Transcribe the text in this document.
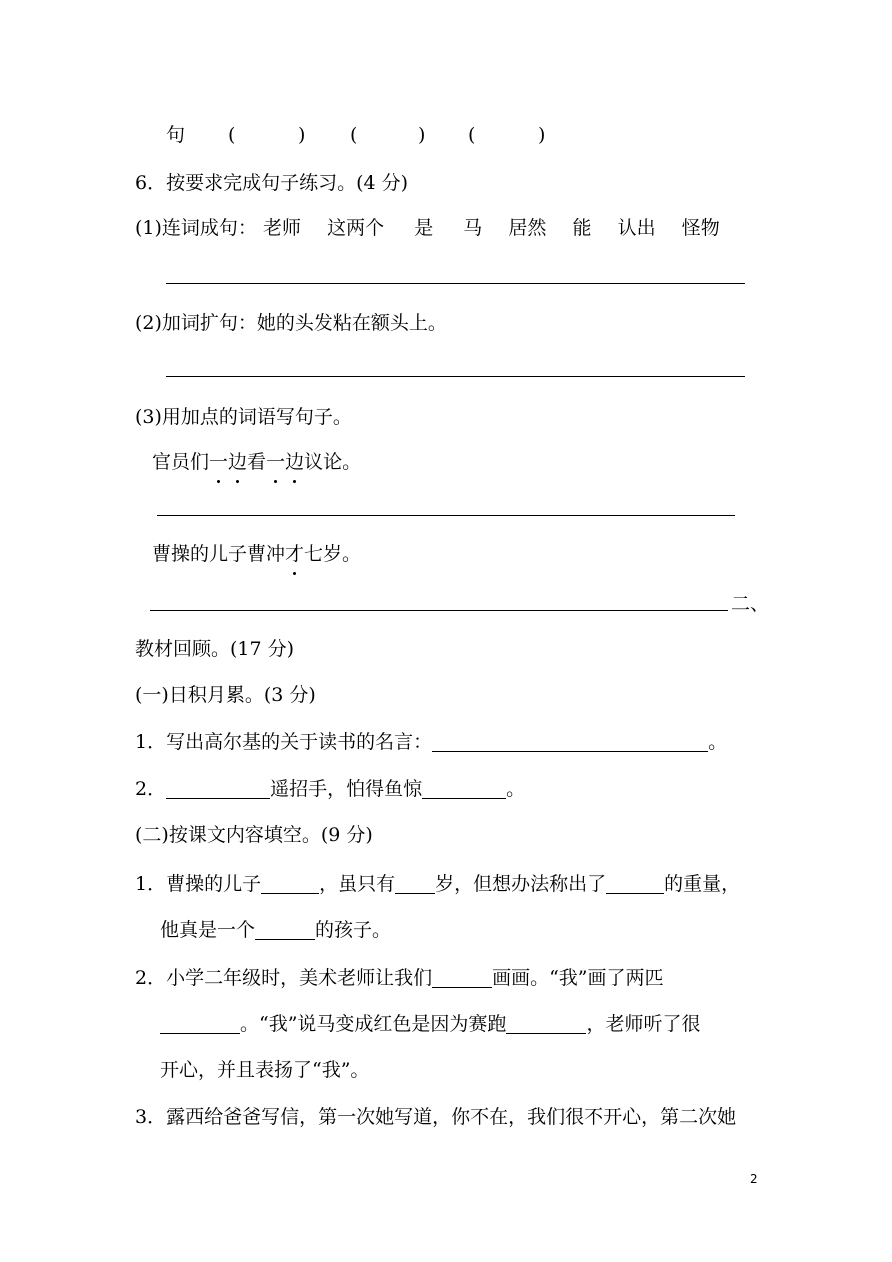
句 (	) (	) (	)
6．按要求完成句子练习。(4 分)
(1)连词成句： 老师 这两个 是 马 居然 能 认出 怪物
(2)加词扩句：她的头发粘在额头上。
(3)用加点的词语写句子。
官员们一边看一边议论。
曹操的儿子曹冲才七岁。
二、
教材回顾。(17 分)
(一)日积月累。(3 分)
1．写出高尔基的关于读书的名言：	。
2．	遥招手，怕得鱼惊	。
(二)按课文内容填空。(9 分)
1．曹操的儿子	，虽只有 岁，但想办法称出了	的重量，
他真是一个	的孩子。
2．小学二年级时，美术老师让我们	画画。“我”画了两匹
。“我”说马变成红色是因为赛跑	，老师听了很
开心，并且表扬了“我”。
3．露西给爸爸写信，第一次她写道，你不在，我们很不开心，第二次她
2
